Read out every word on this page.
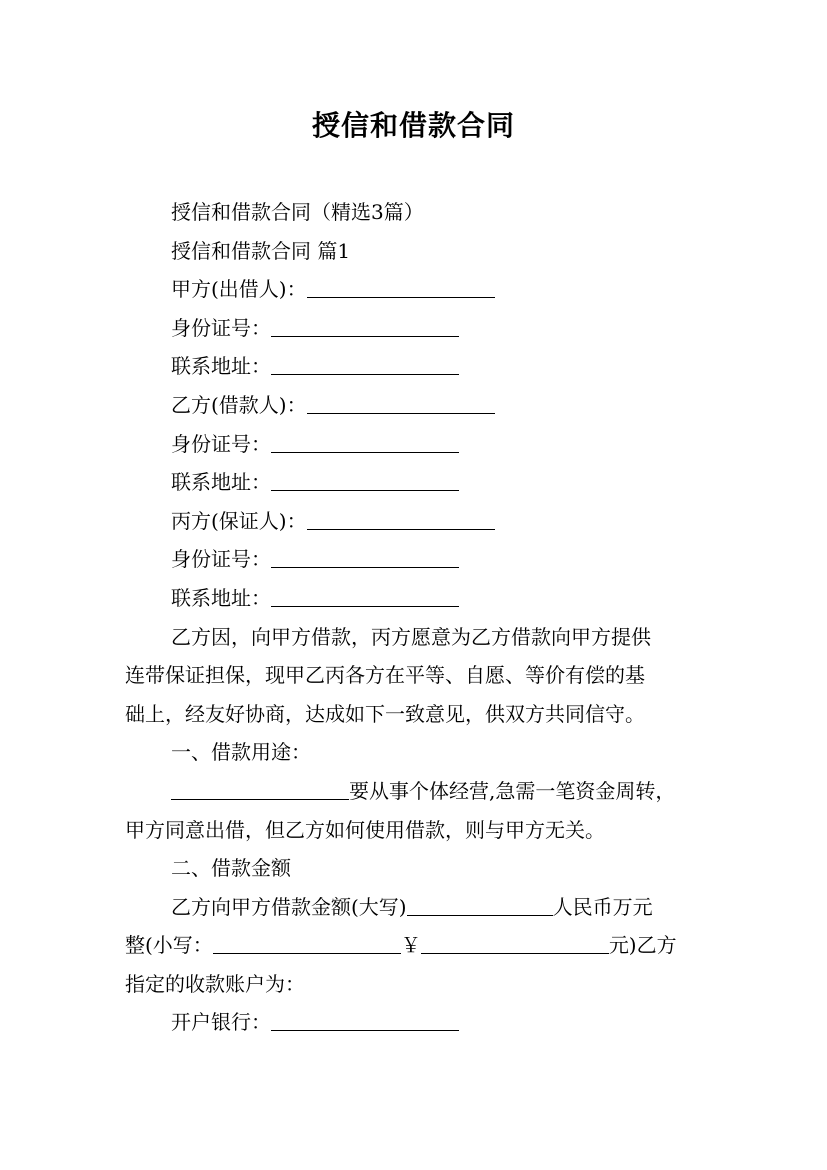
授信和借款合同
授信和借款合同（精选3篇）
授信和借款合同 篇1
甲方(出借人)：
身份证号：
联系地址：
乙方(借款人)：
身份证号：
联系地址：
丙方(保证人)：
身份证号：
联系地址：
乙方因，向甲方借款，丙方愿意为乙方借款向甲方提供
连带保证担保，现甲乙丙各方在平等、自愿、等价有偿的基
础上，经友好协商，达成如下一致意见，供双方共同信守。
一、借款用途：
要从事个体经营,急需一笔资金周转，
甲方同意出借，但乙方如何使用借款，则与甲方无关。
二、借款金额
乙方向甲方借款金额(大写)	人民币万元
整(小写：	￥	元)乙方
指定的收款账户为：
开户银行：
